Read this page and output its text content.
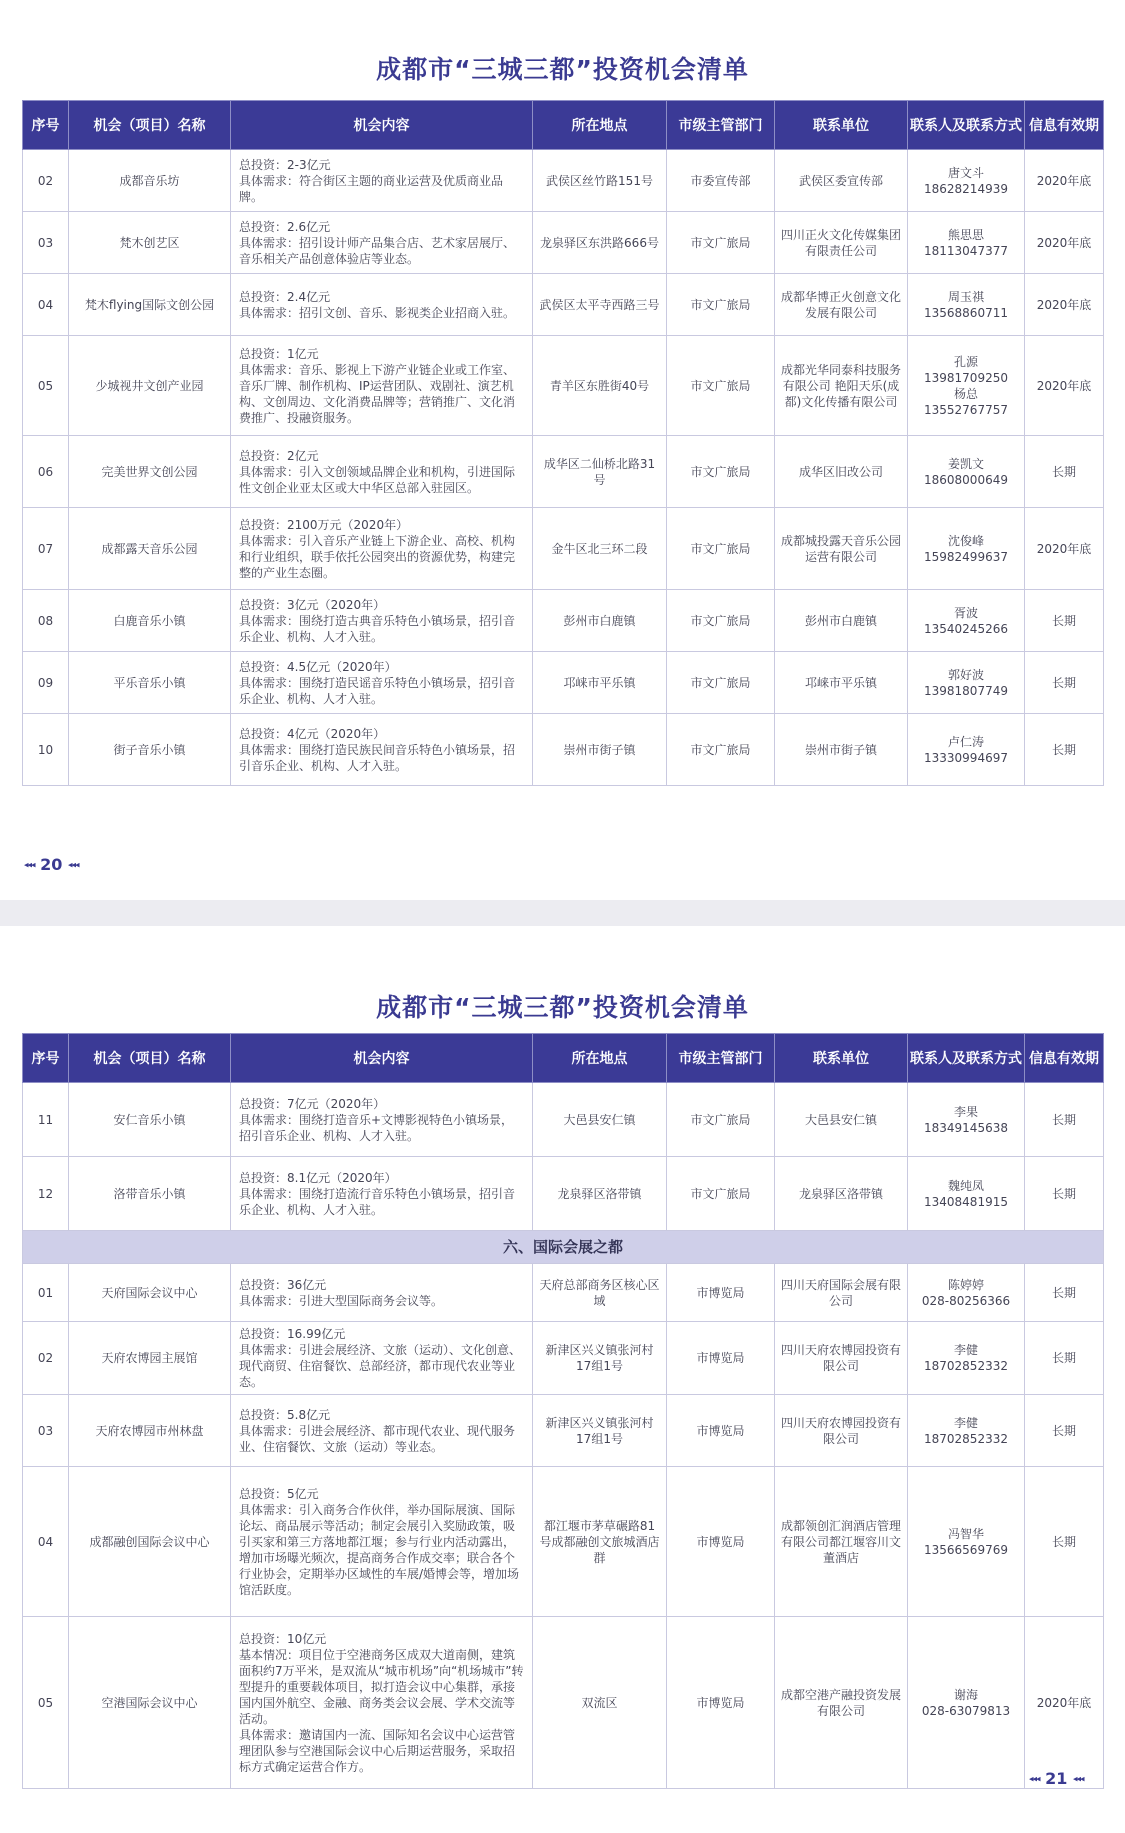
成都市“三城三都”投资机会清单
序号	机会（项目）名称	机会内容	所在地点	市级主管部门	联系单位	联系人及联系方式	信息有效期
02	成都音乐坊	总投资：2-3亿元
具体需求：符合街区主题的商业运营及优质商业品牌。	武侯区丝竹路151号	市委宣传部	武侯区委宣传部	唐文斗
18628214939	2020年底
03	梵木创艺区	总投资：2.6亿元
具体需求：招引设计师产品集合店、艺术家居展厅、音乐相关产品创意体验店等业态。	龙泉驿区东洪路666号	市文广旅局	四川正火文化传媒集团有限责任公司	熊思思
18113047377	2020年底
04	梵木flying国际文创公园	总投资：2.4亿元
具体需求：招引文创、音乐、影视类企业招商入驻。	武侯区太平寺西路三号	市文广旅局	成都华博正火创意文化发展有限公司	周玉祺
13568860711	2020年底
05	少城视井文创产业园	总投资：1亿元
具体需求：音乐、影视上下游产业链企业或工作室、音乐厂牌、制作机构、IP运营团队、戏剧社、演艺机构、文创周边、文化消费品牌等；营销推广、文化消费推广、投融资服务。	青羊区东胜街40号	市文广旅局	成都光华同泰科技服务有限公司 艳阳天乐(成都)文化传播有限公司	孔源
13981709250
杨总
13552767757	2020年底
06	完美世界文创公园	总投资：2亿元
具体需求：引入文创领域品牌企业和机构，引进国际性文创企业亚太区或大中华区总部入驻园区。	成华区二仙桥北路31号	市文广旅局	成华区旧改公司	姜凯文
18608000649	长期
07	成都露天音乐公园	总投资：2100万元（2020年）
具体需求：引入音乐产业链上下游企业、高校、机构和行业组织，联手依托公园突出的资源优势，构建完整的产业生态圈。	金牛区北三环二段	市文广旅局	成都城投露天音乐公园运营有限公司	沈俊峰
15982499637	2020年底
08	白鹿音乐小镇	总投资：3亿元（2020年）
具体需求：围绕打造古典音乐特色小镇场景，招引音乐企业、机构、人才入驻。	彭州市白鹿镇	市文广旅局	彭州市白鹿镇	胥波
13540245266	长期
09	平乐音乐小镇	总投资：4.5亿元（2020年）
具体需求：围绕打造民谣音乐特色小镇场景，招引音乐企业、机构、人才入驻。	邛崃市平乐镇	市文广旅局	邛崃市平乐镇	郭好波
13981807749	长期
10	街子音乐小镇	总投资：4亿元（2020年）
具体需求：围绕打造民族民间音乐特色小镇场景，招引音乐企业、机构、人才入驻。	崇州市街子镇	市文广旅局	崇州市街子镇	卢仁涛
13330994697	长期
◂◂◂ 20 ◂◂◂
成都市“三城三都”投资机会清单
序号	机会（项目）名称	机会内容	所在地点	市级主管部门	联系单位	联系人及联系方式	信息有效期
11	安仁音乐小镇	总投资：7亿元（2020年）
具体需求：围绕打造音乐+文博影视特色小镇场景，招引音乐企业、机构、人才入驻。	大邑县安仁镇	市文广旅局	大邑县安仁镇	李果
18349145638	长期
12	洛带音乐小镇	总投资：8.1亿元（2020年）
具体需求：围绕打造流行音乐特色小镇场景，招引音乐企业、机构、人才入驻。	龙泉驿区洛带镇	市文广旅局	龙泉驿区洛带镇	魏纯凤
13408481915	长期
六、国际会展之都							
01	天府国际会议中心	总投资：36亿元
具体需求：引进大型国际商务会议等。	天府总部商务区核心区域	市博览局	四川天府国际会展有限公司	陈婷婷
028-80256366	长期
02	天府农博园主展馆	总投资：16.99亿元
具体需求：引进会展经济、文旅（运动）、文化创意、现代商贸、住宿餐饮、总部经济，都市现代农业等业态。	新津区兴义镇张河村17组1号	市博览局	四川天府农博园投资有限公司	李健
18702852332	长期
03	天府农博园市州林盘	总投资：5.8亿元
具体需求：引进会展经济、都市现代农业、现代服务业、住宿餐饮、文旅（运动）等业态。	新津区兴义镇张河村17组1号	市博览局	四川天府农博园投资有限公司	李健
18702852332	长期
04	成都融创国际会议中心	总投资：5亿元
具体需求：引入商务合作伙伴，举办国际展演、国际论坛、商品展示等活动；制定会展引入奖励政策，吸引买家和第三方落地都江堰；参与行业内活动露出，增加市场曝光频次，提高商务合作成交率；联合各个行业协会，定期举办区域性的车展/婚博会等，增加场馆活跃度。	都江堰市茅草碾路81号成都融创文旅城酒店群	市博览局	成都领创汇润酒店管理有限公司都江堰容川文董酒店	冯智华
13566569769	长期
05	空港国际会议中心	总投资：10亿元
基本情况：项目位于空港商务区成双大道南侧，建筑面积约7万平米，是双流从“城市机场”向“机场城市”转型提升的重要载体项目，拟打造会议中心集群，承接国内国外航空、金融、商务类会议会展、学术交流等活动。
具体需求：邀请国内一流、国际知名会议中心运营管理团队参与空港国际会议中心后期运营服务，采取招标方式确定运营合作方。	双流区	市博览局	成都空港产融投资发展有限公司	谢海
028-63079813	2020年底
◂◂◂ 21 ◂◂◂
